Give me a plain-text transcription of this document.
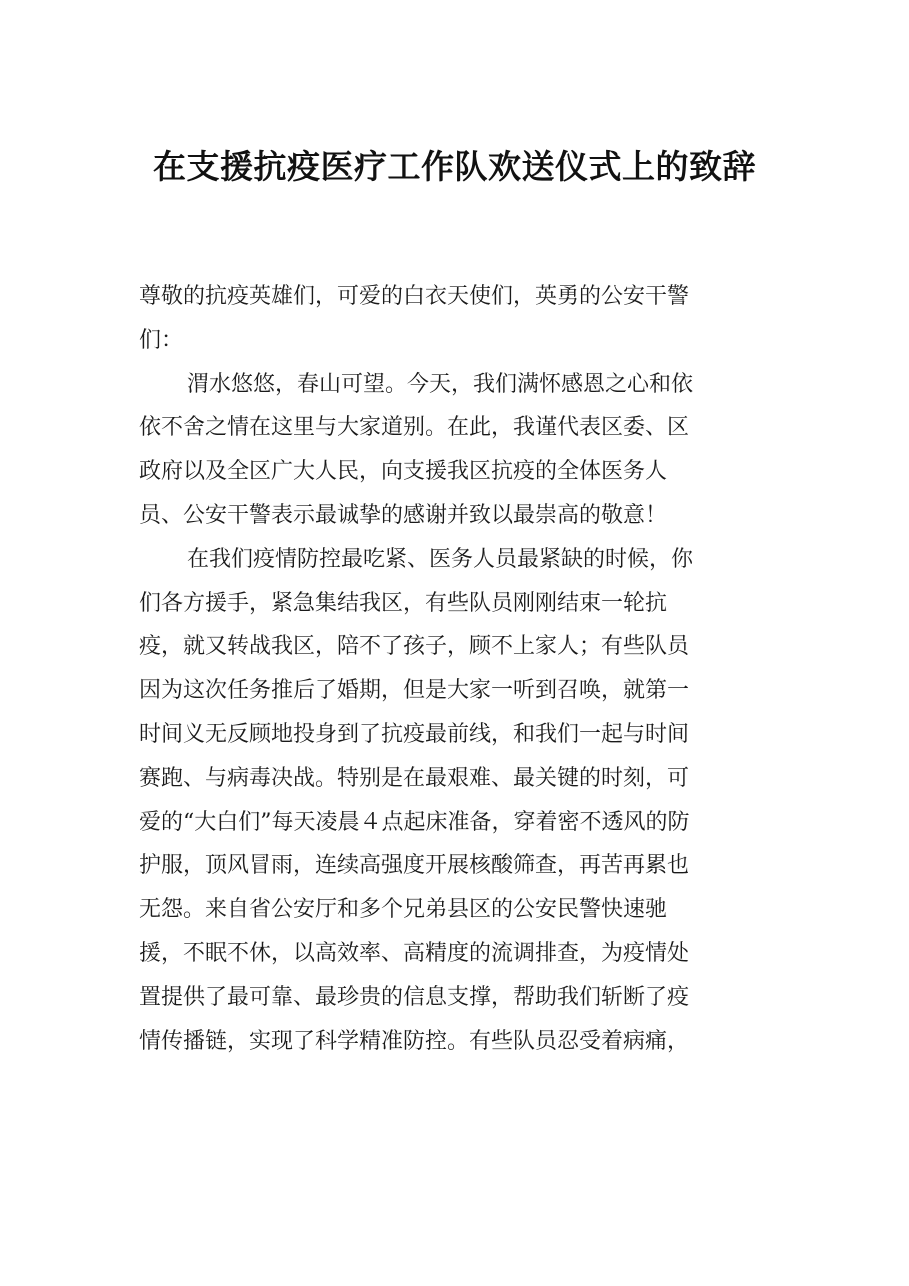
在支援抗疫医疗工作队欢送仪式上的致辞
尊敬的抗疫英雄们，可爱的白衣天使们，英勇的公安干警
们：
渭水悠悠，春山可望。今天，我们满怀感恩之心和依
依不舍之情在这里与大家道别。在此，我谨代表区委、区
政府以及全区广大人民，向支援我区抗疫的全体医务人
员、公安干警表示最诚挚的感谢并致以最崇高的敬意！
在我们疫情防控最吃紧、医务人员最紧缺的时候，你
们各方援手，紧急集结我区，有些队员刚刚结束一轮抗
疫，就又转战我区，陪不了孩子，顾不上家人；有些队员
因为这次任务推后了婚期，但是大家一听到召唤，就第一
时间义无反顾地投身到了抗疫最前线，和我们一起与时间
赛跑、与病毒决战。特别是在最艰难、最关键的时刻，可
爱的“大白们”每天凌晨４点起床准备，穿着密不透风的防
护服，顶风冒雨，连续高强度开展核酸筛查，再苦再累也
无怨。来自省公安厅和多个兄弟县区的公安民警快速驰
援，不眠不休，以高效率、高精度的流调排查，为疫情处
置提供了最可靠、最珍贵的信息支撑，帮助我们斩断了疫
情传播链，实现了科学精准防控。有些队员忍受着病痛，
